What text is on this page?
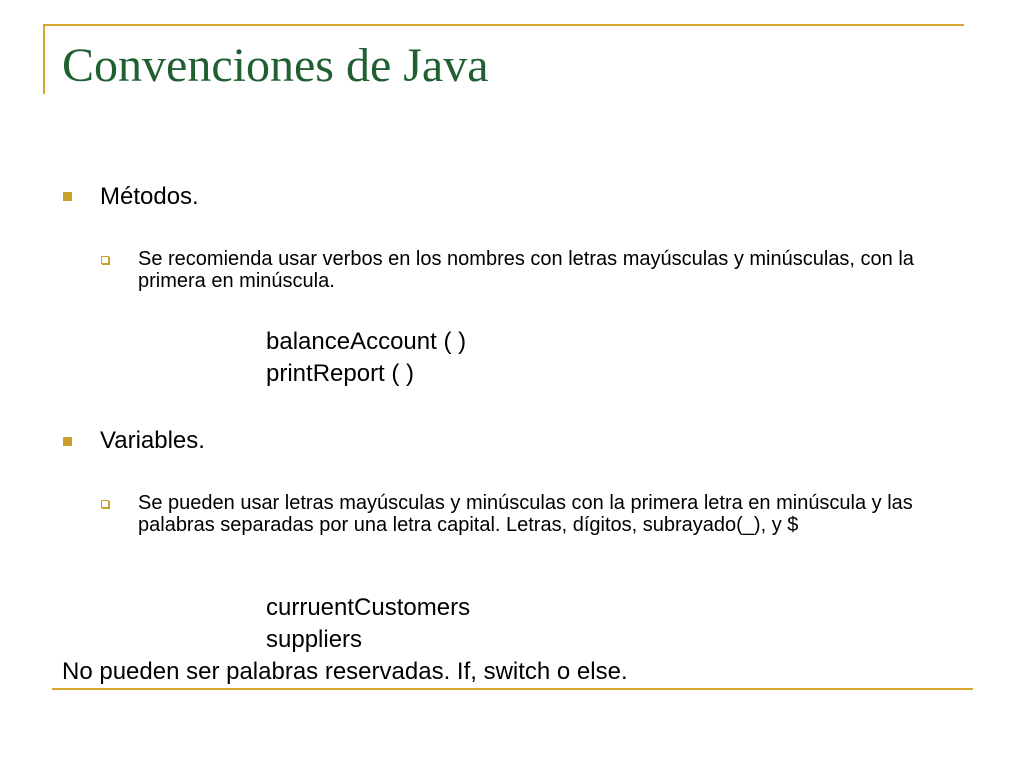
Convenciones de Java
Métodos.
Se recomienda usar verbos en los nombres con letras mayúsculas y minúsculas, con la primera en minúscula.
balanceAccount ( )
printReport ( )
Variables.
Se pueden usar letras mayúsculas y minúsculas con la primera letra en minúscula y las palabras separadas por una letra capital. Letras, dígitos, subrayado(_), y $
curruentCustomers
suppliers
No pueden ser palabras reservadas. If, switch o else.
